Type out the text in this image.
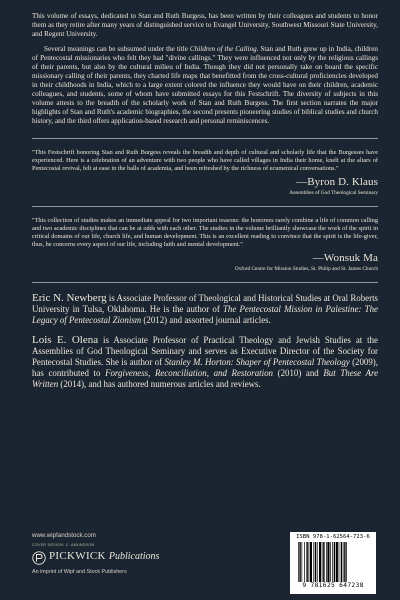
This volume of essays, dedicated to Stan and Ruth Burgess, has been written by their colleagues and students to honor them as they retire after many years of distinguished service to Evangel University, Southwest Missouri State University, and Regent University.

Several meanings can be subsumed under the title Children of the Calling. Stan and Ruth grew up in India, children of Pentecostal missionaries who felt they had "divine callings." They were influenced not only by the religious callings of their parents, but also by the cultural milieu of India. Though they did not personally take on board the specific missionary calling of their parents, they charted life maps that benefitted from the cross-cultural proficiencies developed in their childhoods in India, which to a large extent colored the influence they would have on their children, academic colleagues, and students, some of whom have submitted essays for this Festschrift. The diversity of subjects in this volume attests to the breadth of the scholarly work of Stan and Ruth Burgess. The first section narrates the major highlights of Stan and Ruth's academic biographies, the second presents pioneering studies of biblical studies and church history, and the third offers application-based research and personal reminiscences.

"This Festschrift honoring Stan and Ruth Burgess reveals the breadth and depth of cultural and scholarly life that the Burgesses have experienced. Here is a celebration of an adventure with two people who have called villages in India their home, knelt at the altars of Pentecostal revival, felt at ease in the balls of academia, and been refreshed by the richness of ecumenical conversations."

—Byron D. Klaus
Assemblies of God Theological Seminary

"This collection of studies makes an immediate appeal for two important reasons: the honorees rarely combine a life of common calling and two academic disciplines that can be at odds with each other. The studies in the volume brilliantly showcase the work of the spirit in critical domains of our life, church life, and human development. This is an excellent reading to convince that the spirit is the life-giver, thus, he concerns every aspect of our life, including faith and mental development."

—Wonsuk Ma
Oxford Centre for Mission Studies, St. Philip and St. James Church

Eric N. Newberg is Associate Professor of Theological and Historical Studies at Oral Roberts University in Tulsa, Oklahoma. He is the author of The Pentecostal Mission in Palestine: The Legacy of Pentecostal Zionism (2012) and assorted journal articles.

Lois E. Olena is Associate Professor of Practical Theology and Jewish Studies at the Assemblies of God Theological Seminary and serves as Executive Director of the Society for Pentecostal Studies. She is author of Stanley M. Horton: Shaper of Pentecostal Theology (2009), has contributed to Forgiveness, Reconciliation, and Restoration (2010) and But These Are Written (2014), and has authored numerous articles and reviews.

www.wipfandstock.com
COVER DESIGN: C. AMUNDSON
PICKWICK Publications
An imprint of Wipf and Stock Publishers
ISBN 978-1-62564-723-6
9 781625 647238
